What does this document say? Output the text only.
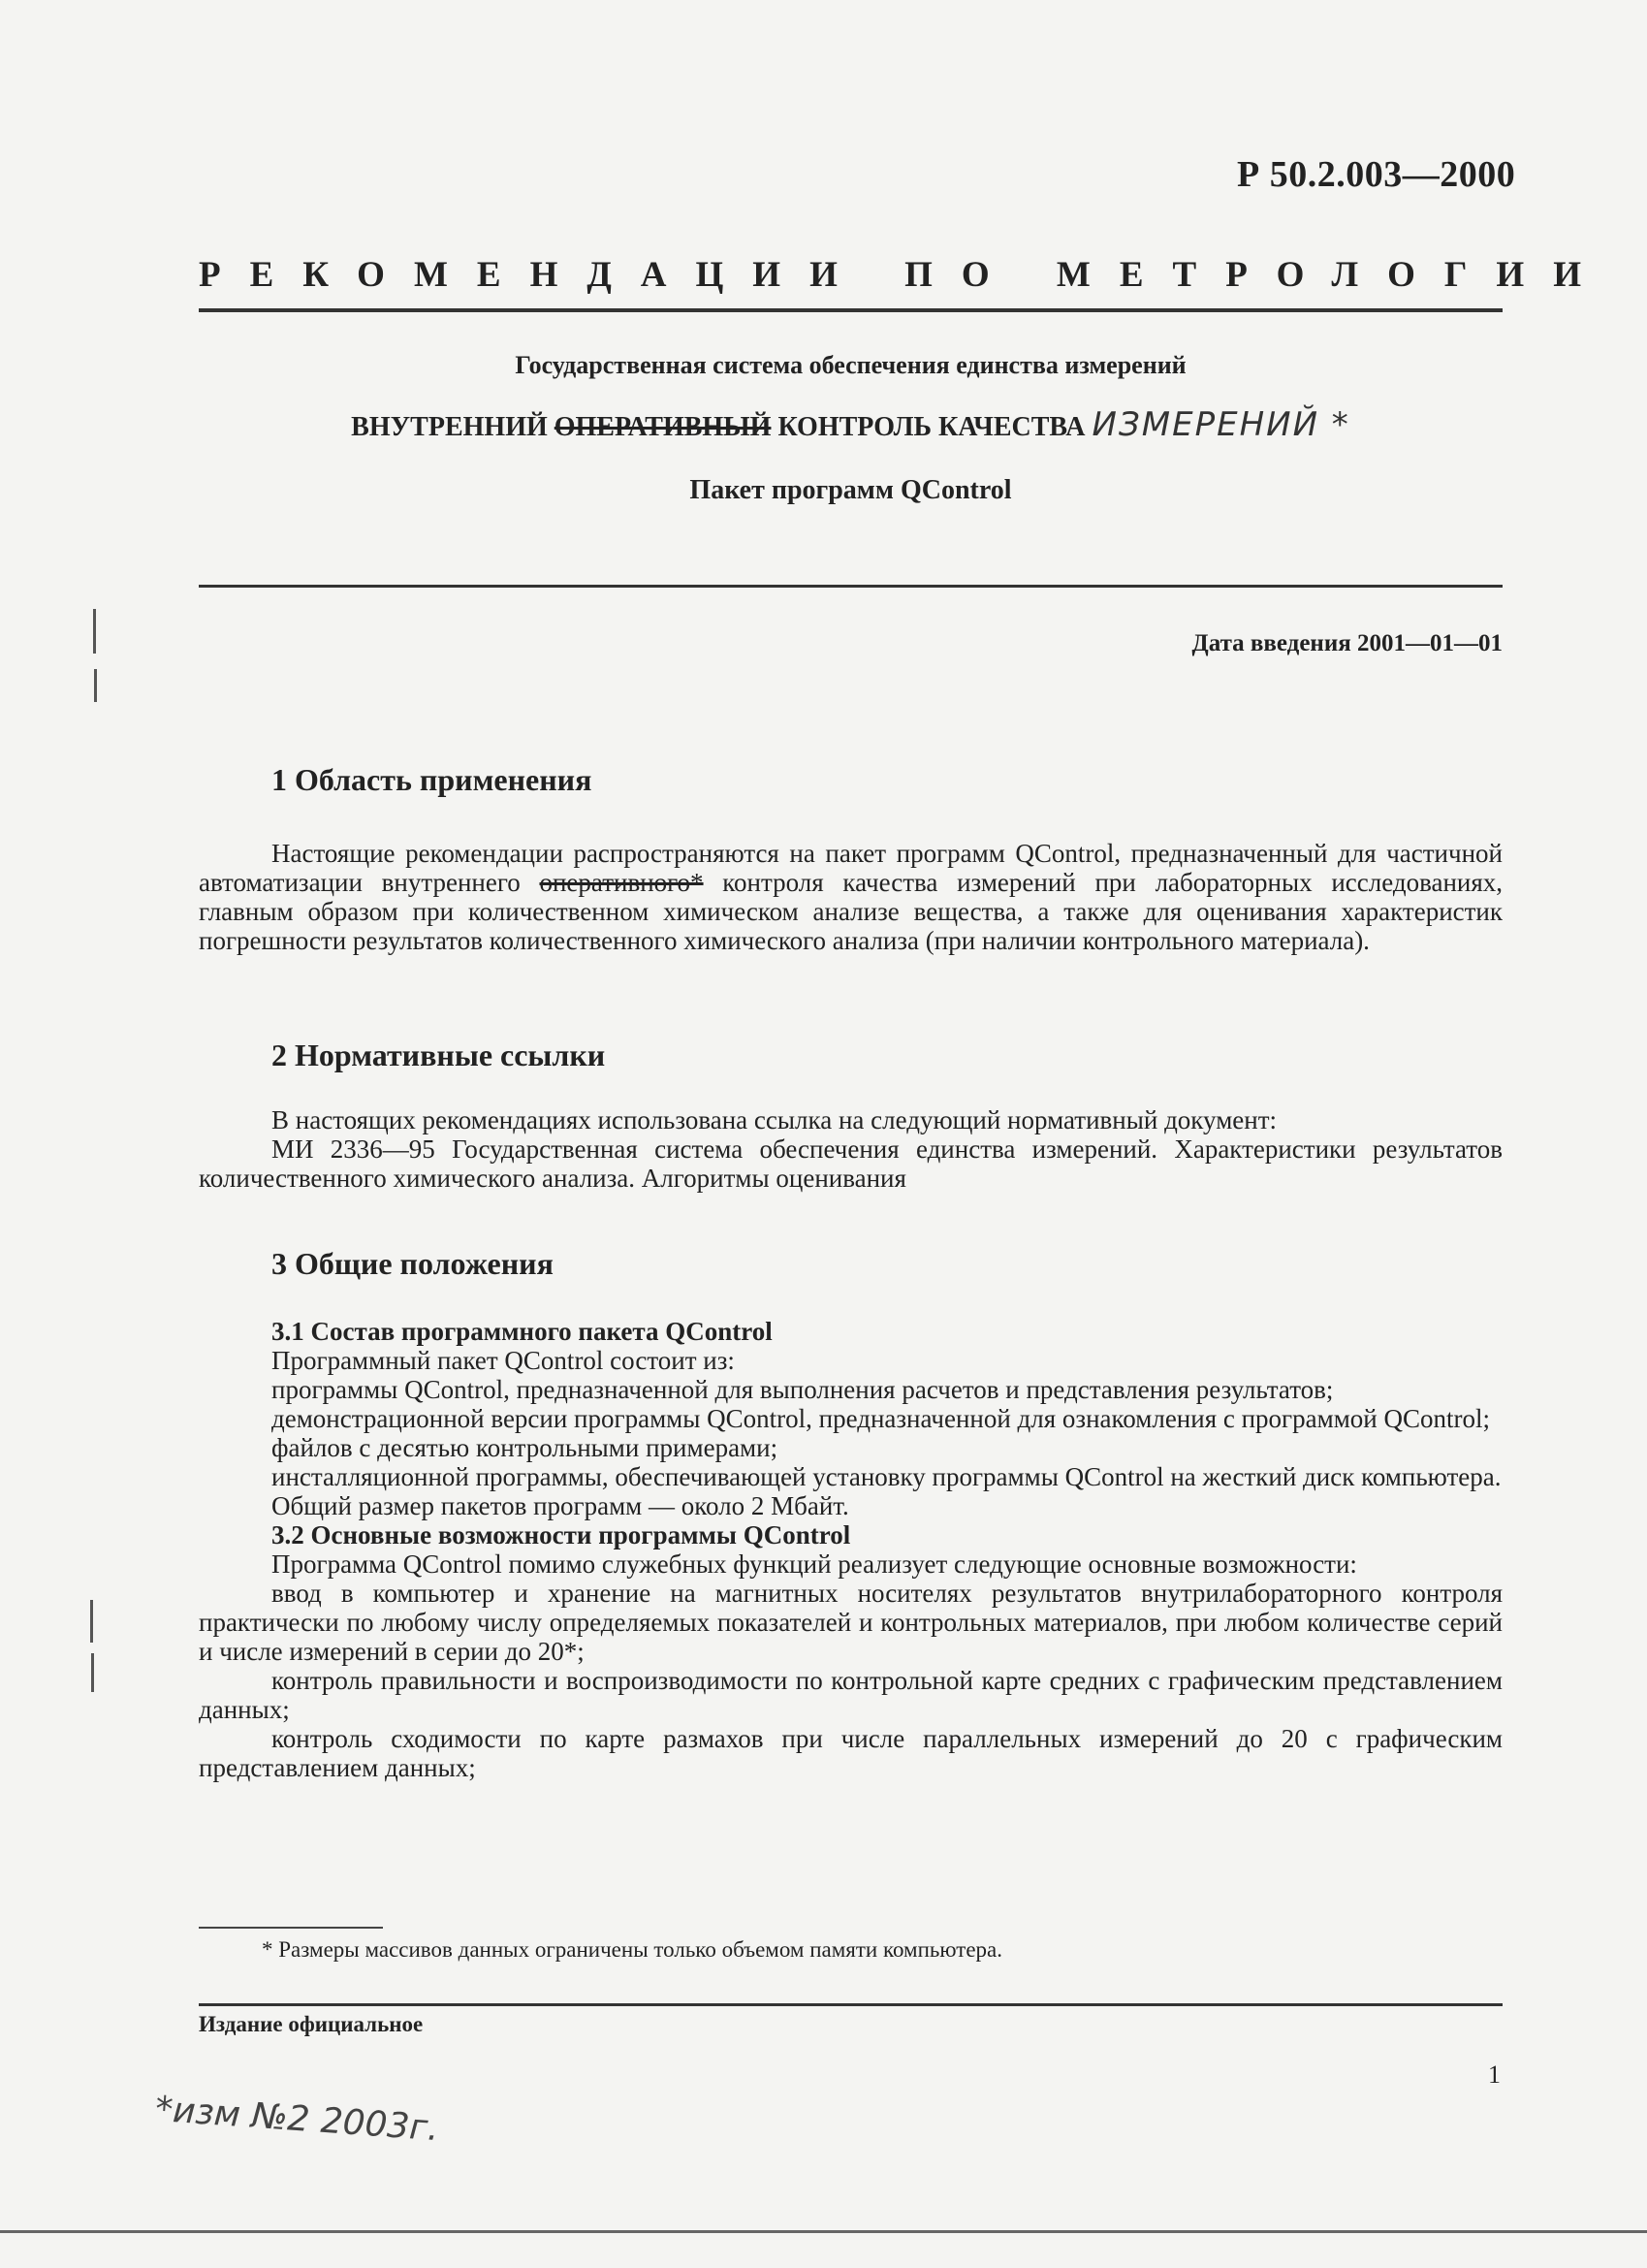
Р 50.2.003—2000
РЕКОМЕНДАЦИИ ПО МЕТРОЛОГИИ
Государственная система обеспечения единства измерений
ВНУТРЕННИЙ ОПЕРАТИВНЫЙ КОНТРОЛЬ КАЧЕСТВА ИЗМЕРЕНИЙ *
Пакет программ QControl
Дата введения 2001—01—01
1 Область применения

Настоящие рекомендации распространяются на пакет программ QControl, предназначенный для частичной автоматизации внутреннего оперативного* контроля качества измерений при лабораторных исследованиях, главным образом при количественном химическом анализе вещества, а также для оценивания характеристик погрешности результатов количественного химического анализа (при наличии контрольного материала).

2 Нормативные ссылки

В настоящих рекомендациях использована ссылка на следующий нормативный документ:

МИ 2336—95 Государственная система обеспечения единства измерений. Характеристики результатов количественного химического анализа. Алгоритмы оценивания

3 Общие положения

3.1 Состав программного пакета QControl

Программный пакет QControl состоит из:

программы QControl, предназначенной для выполнения расчетов и представления результатов;

демонстрационной версии программы QControl, предназначенной для ознакомления с программой QControl;

файлов с десятью контрольными примерами;

инсталляционной программы, обеспечивающей установку программы QControl на жесткий диск компьютера.

Общий размер пакетов программ — около 2 Мбайт.

3.2 Основные возможности программы QControl

Программа QControl помимо служебных функций реализует следующие основные возможности:

ввод в компьютер и хранение на магнитных носителях результатов внутрилабораторного контроля практически по любому числу определяемых показателей и контрольных материалов, при любом количестве серий и числе измерений в серии до 20*;

контроль правильности и воспроизводимости по контрольной карте средних с графическим представлением данных;

контроль сходимости по карте размахов при числе параллельных измерений до 20 с графическим представлением данных;

* Размеры массивов данных ограничены только объемом памяти компьютера.
Издание официальное
1
*изм №2 2003г.
